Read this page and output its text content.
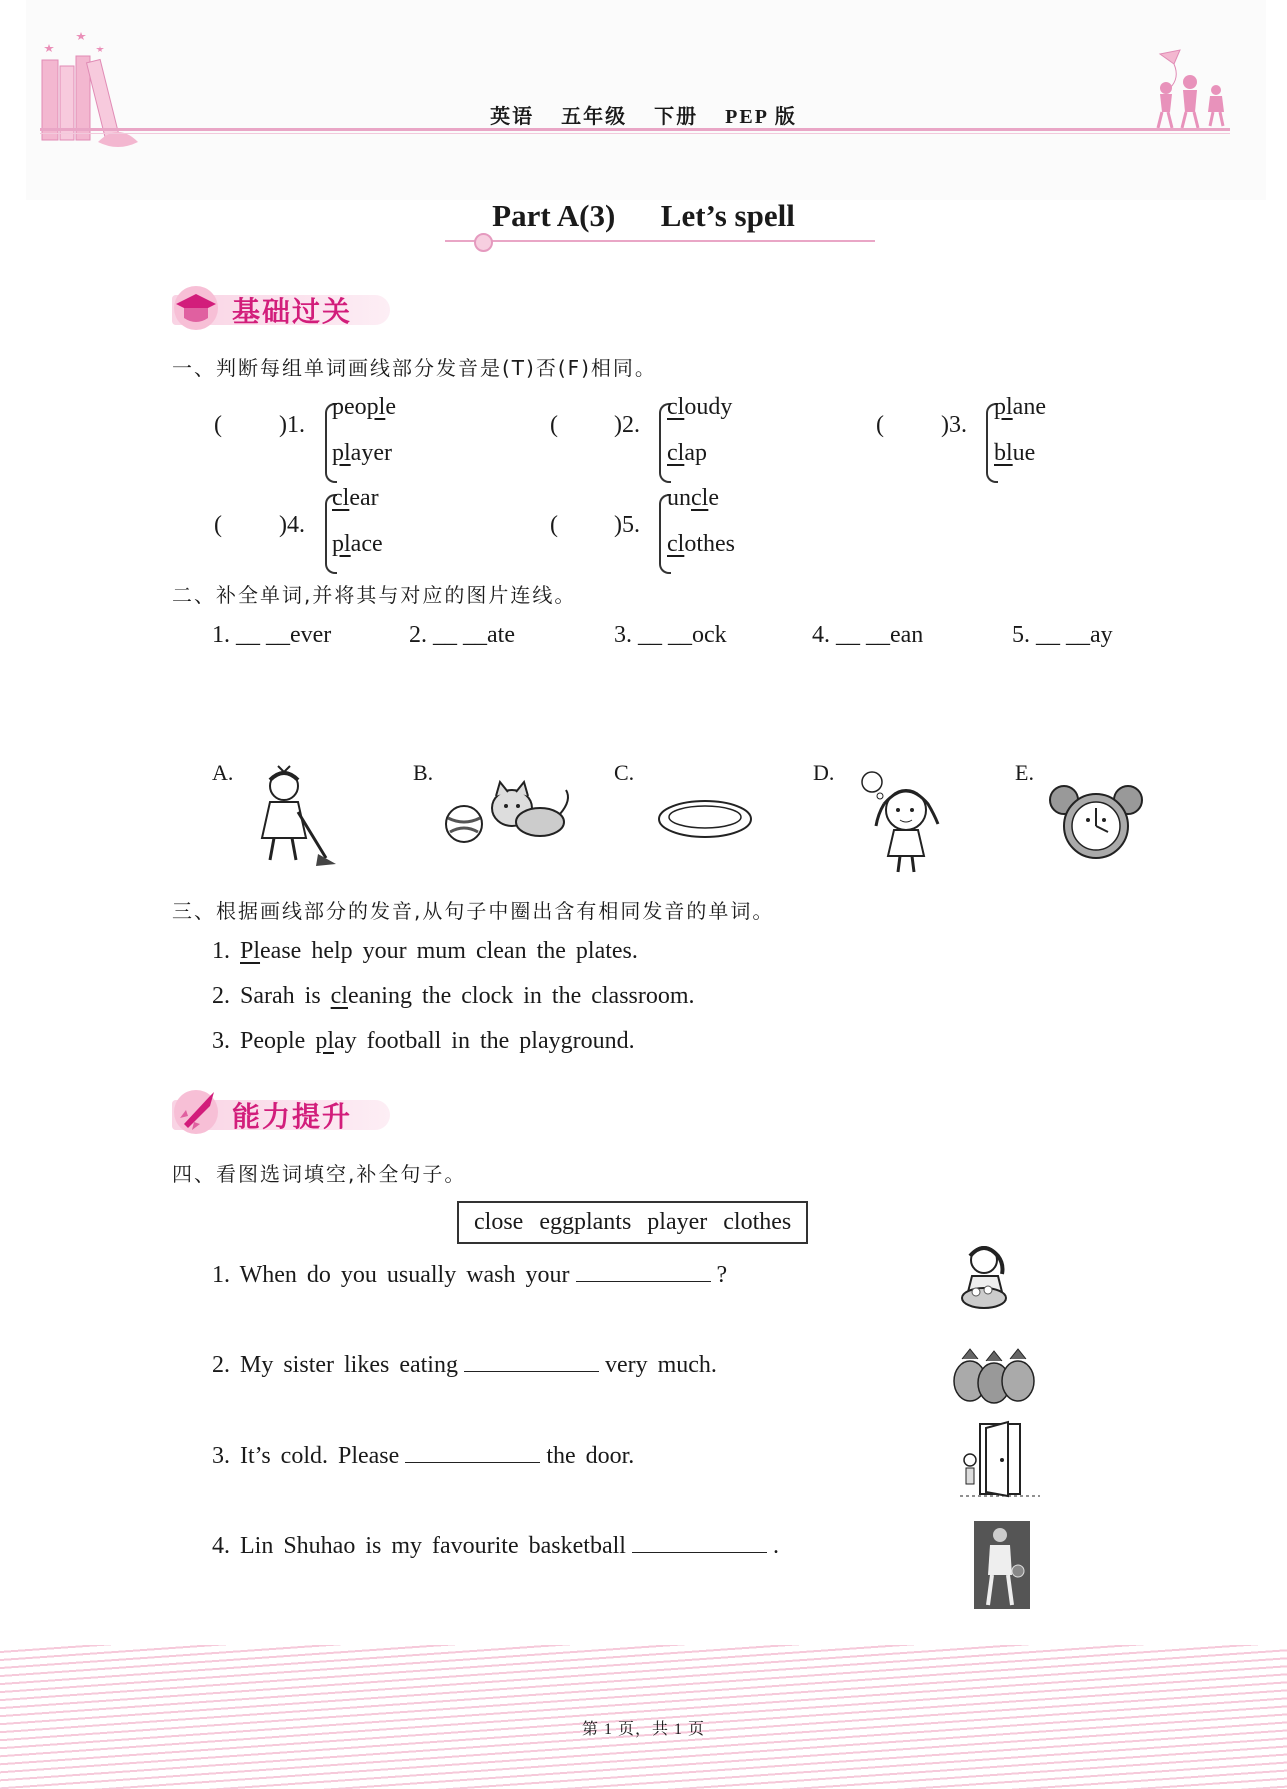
英语 五年级 下册 PEP 版
Part A(3) Let’s spell
基础过关
一、判断每组单词画线部分发音是(T)否(F)相同。
( )1.
people
player
( )2.
cloudy
clap
( )3.
plane
blue
( )4.
clear
place
( )5.
uncle
clothes
二、补全单词,并将其与对应的图片连线。
1. __ __ever	2. __ __ate	3. __ __ock	4. __ __ean	5. __ __ay
A.	B.	C.	D.	E.
三、根据画线部分的发音,从句子中圈出含有相同发音的单词。
1. Please help your mum clean the plates.
2. Sarah is cleaning the clock in the classroom.
3. People play football in the playground.
能力提升
四、看图选词填空,补全句子。
close eggplants player clothes
1. When do you usually wash your	?
2. My sister likes eating	very much.
3. It’s cold. Please	the door.
4. Lin Shuhao is my favourite basketball	.
第 1 页，共 1 页
